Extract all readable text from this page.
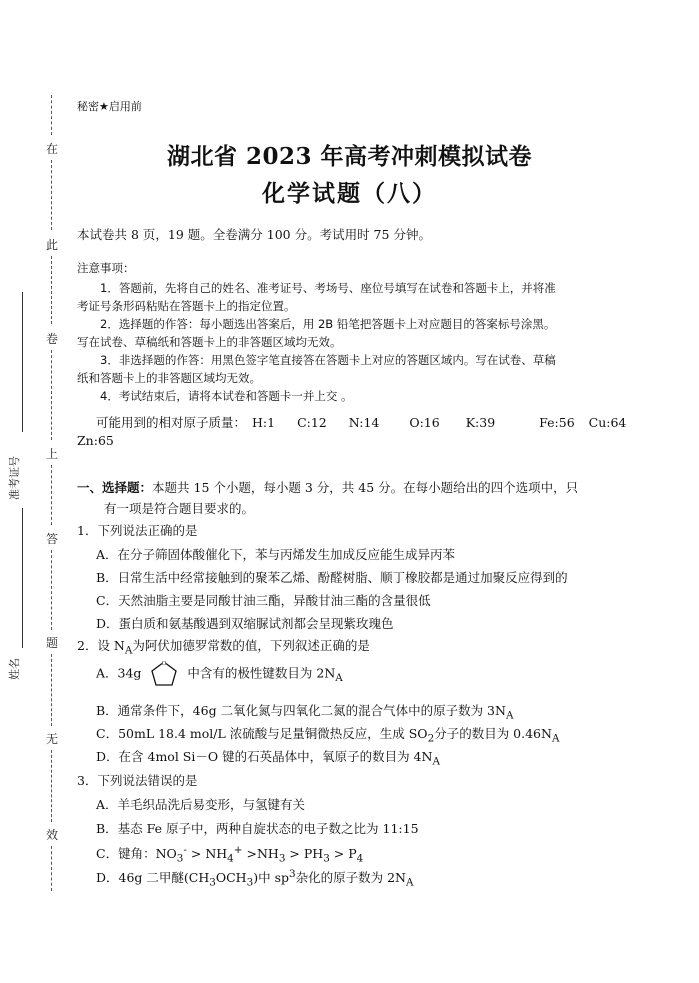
在
此
卷
上
答
题
无
效
准考证号
姓名
秘密★启用前
湖北省 2023 年高考冲刺模拟试卷
化学试题（八）
本试卷共 8 页，19 题。全卷满分 100 分。考试用时 75 分钟。
注意事项：
1．答题前，先将自己的姓名、准考证号、考场号、座位号填写在试卷和答题卡上，并将准
考证号条形码粘贴在答题卡上的指定位置。
2．选择题的作答：每小题选出答案后，用 2B 铅笔把答题卡上对应题目的答案标号涂黑。
写在试卷、草稿纸和答题卡上的非答题区域均无效。
3．非选择题的作答：用黑色签字笔直接答在答题卡上对应的答题区域内。写在试卷、草稿
纸和答题卡上的非答题区域均无效。
4．考试结束后，请将本试卷和答题卡一并上交 。
可能用到的相对原子质量： H:1 C:12 N:14 O:16 K:39	Fe:56 Cu:64
Zn:65
一、选择题：本题共 15 个小题，每小题 3 分，共 45 分。在每小题给出的四个选项中，只
有一项是符合题目要求的。
1．下列说法正确的是
A．在分子筛固体酸催化下，苯与丙烯发生加成反应能生成异丙苯
B．日常生活中经常接触到的聚苯乙烯、酚醛树脂、顺丁橡胶都是通过加聚反应得到的
C．天然油脂主要是同酸甘油三酯，异酸甘油三酯的含量很低
D．蛋白质和氨基酸遇到双缩脲试剂都会呈现紫玫瑰色
2．设 $N_A$为阿伏加德罗常数的值，下列叙述正确的是
A．34g
O
中含有的极性键数目为 $2N_A$
B．通常条件下，46g 二氧化氮与四氧化二氮的混合气体中的原子数为 $3N_A$
C．50mL 18.4 mol/L 浓硫酸与足量铜微热反应，生成 $SO_2$分子的数目为 $0.46N_A$
D．在含 4mol Si－O 键的石英晶体中，氧原子的数目为 $4N_A$
3．下列说法错误的是
A．羊毛织品洗后易变形，与氢键有关
B．基态 Fe 原子中，两种自旋状态的电子数之比为 11:15
C．键角：$NO_3^- > NH_4^+ >NH_3 > PH_3 > P_4$
D．46g 二甲醚$(CH_3OCH_3)$中 $sp^3$杂化的原子数为 $2N_A$
